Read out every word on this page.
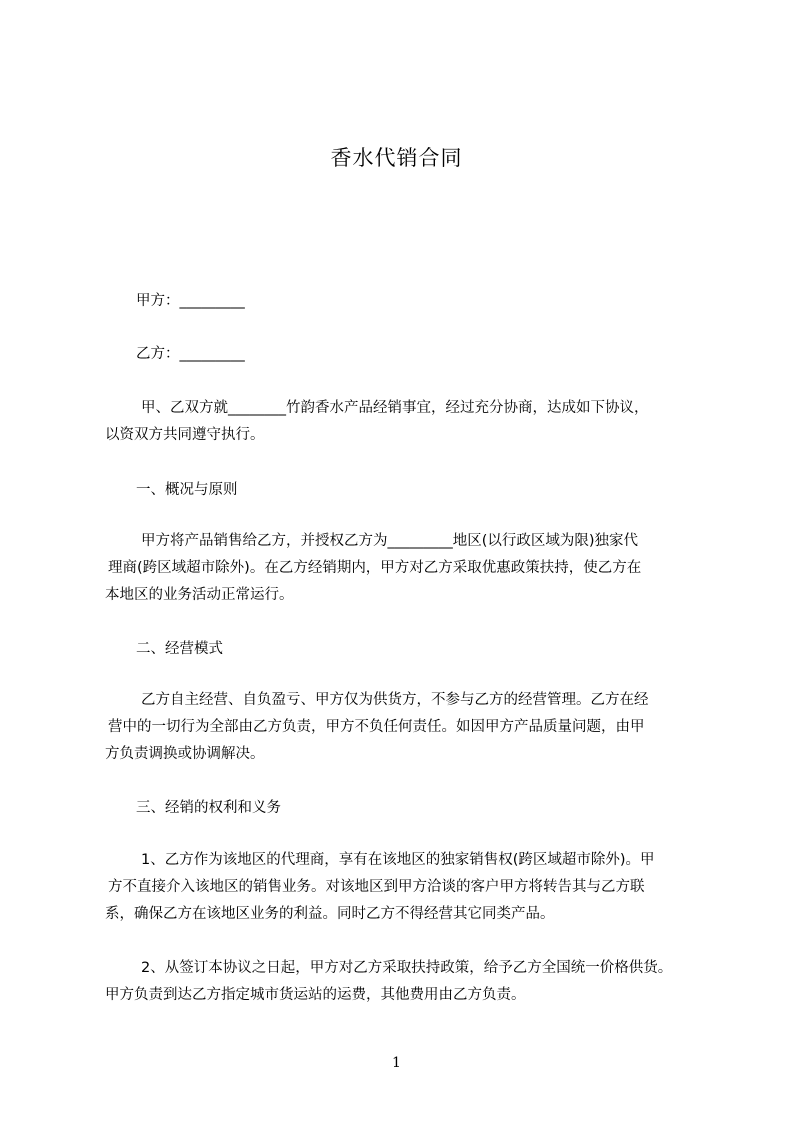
香水代销合同
甲方：_________
乙方：_________
甲、乙双方就________竹韵香水产品经销事宜，经过充分协商，达成如下协议，
以资双方共同遵守执行。
一、概况与原则
甲方将产品销售给乙方，并授权乙方为_________地区(以行政区域为限)独家代
理商(跨区域超市除外)。在乙方经销期内，甲方对乙方采取优惠政策扶持，使乙方在
本地区的业务活动正常运行。
二、经营模式
乙方自主经营、自负盈亏、甲方仅为供货方，不参与乙方的经营管理。乙方在经
营中的一切行为全部由乙方负责，甲方不负任何责任。如因甲方产品质量问题，由甲
方负责调换或协调解决。
三、经销的权利和义务
1、乙方作为该地区的代理商，享有在该地区的独家销售权(跨区域超市除外)。甲
方不直接介入该地区的销售业务。对该地区到甲方洽谈的客户甲方将转告其与乙方联
系，确保乙方在该地区业务的利益。同时乙方不得经营其它同类产品。
2、从签订本协议之日起，甲方对乙方采取扶持政策，给予乙方全国统一价格供货。
甲方负责到达乙方指定城市货运站的运费，其他费用由乙方负责。
1
